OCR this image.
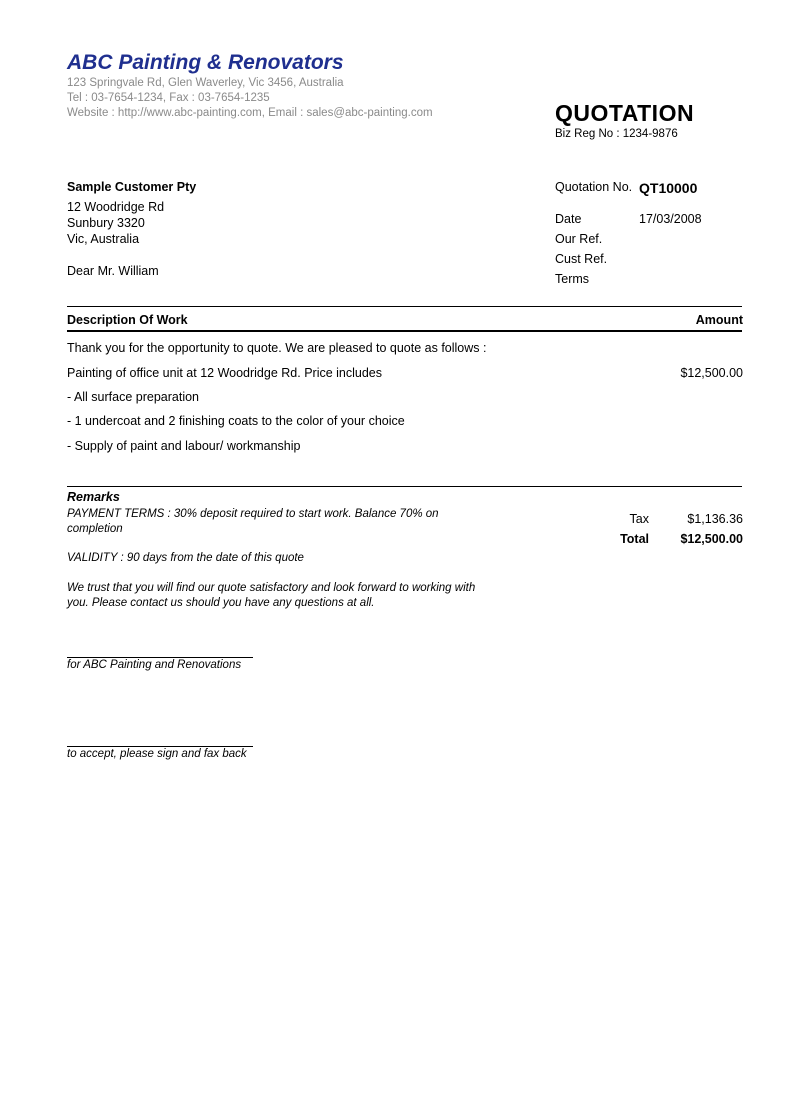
ABC Painting & Renovators
123 Springvale Rd, Glen Waverley, Vic 3456, Australia
Tel : 03-7654-1234, Fax : 03-7654-1235
Website : http://www.abc-painting.com, Email : sales@abc-painting.com	QUOTATION
Biz Reg No : 1234-9876
Sample Customer Pty
12 Woodridge Rd
Sunbury 3320
Vic, Australia
Dear Mr. William
Quotation No. QT10000
Date	17/03/2008
Our Ref.
Cust Ref.
Terms
Description Of Work	Amount
Thank you for the opportunity to quote. We are pleased to quote as follows :
Painting of office unit at 12 Woodridge Rd. Price includes	$12,500.00
- All surface preparation
- 1 undercoat and 2 finishing coats to the color of your choice
- Supply of paint and labour/ workmanship
Remarks
PAYMENT TERMS : 30% deposit required to start work. Balance 70% on completion
VALIDITY : 90 days from the date of this quote
We trust that you will find our quote satisfactory and look forward to working with you. Please contact us should you have any questions at all.
Tax	$1,136.36
Total	$12,500.00
for ABC Painting and Renovations
to accept, please sign and fax back
